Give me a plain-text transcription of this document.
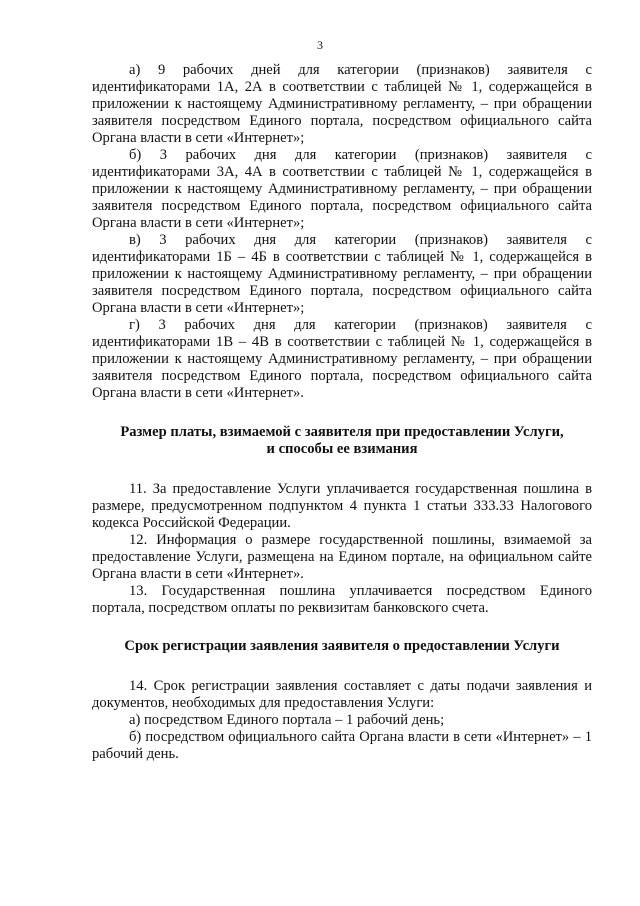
3

а) 9 рабочих дней для категории (признаков) заявителя с идентификаторами 1А, 2А в соответствии с таблицей № 1, содержащейся в приложении к настоящему Административному регламенту, – при обращении заявителя посредством Единого портала, посредством официального сайта Органа власти в сети «Интернет»;

б) 3 рабочих дня для категории (признаков) заявителя с идентификаторами 3А, 4А в соответствии с таблицей № 1, содержащейся в приложении к настоящему Административному регламенту, – при обращении заявителя посредством Единого портала, посредством официального сайта Органа власти в сети «Интернет»;

в) 3 рабочих дня для категории (признаков) заявителя с идентификаторами 1Б – 4Б в соответствии с таблицей № 1, содержащейся в приложении к настоящему Административному регламенту, – при обращении заявителя посредством Единого портала, посредством официального сайта Органа власти в сети «Интернет»;

г) 3 рабочих дня для категории (признаков) заявителя с идентификаторами 1В – 4В в соответствии с таблицей № 1, содержащейся в приложении к настоящему Административному регламенту, – при обращении заявителя посредством Единого портала, посредством официального сайта Органа власти в сети «Интернет».

Размер платы, взимаемой с заявителя при предоставлении Услуги,
и способы ее взимания

11. За предоставление Услуги уплачивается государственная пошлина в размере, предусмотренном подпунктом 4 пункта 1 статьи 333.33 Налогового кодекса Российской Федерации.

12. Информация о размере государственной пошлины, взимаемой за предоставление Услуги, размещена на Едином портале, на официальном сайте Органа власти в сети «Интернет».

13. Государственная пошлина уплачивается посредством Единого портала, посредством оплаты по реквизитам банковского счета.

Срок регистрации заявления заявителя о предоставлении Услуги

14. Срок регистрации заявления составляет с даты подачи заявления и документов, необходимых для предоставления Услуги:

а) посредством Единого портала – 1 рабочий день;

б) посредством официального сайта Органа власти в сети «Интернет» – 1 рабочий день.
